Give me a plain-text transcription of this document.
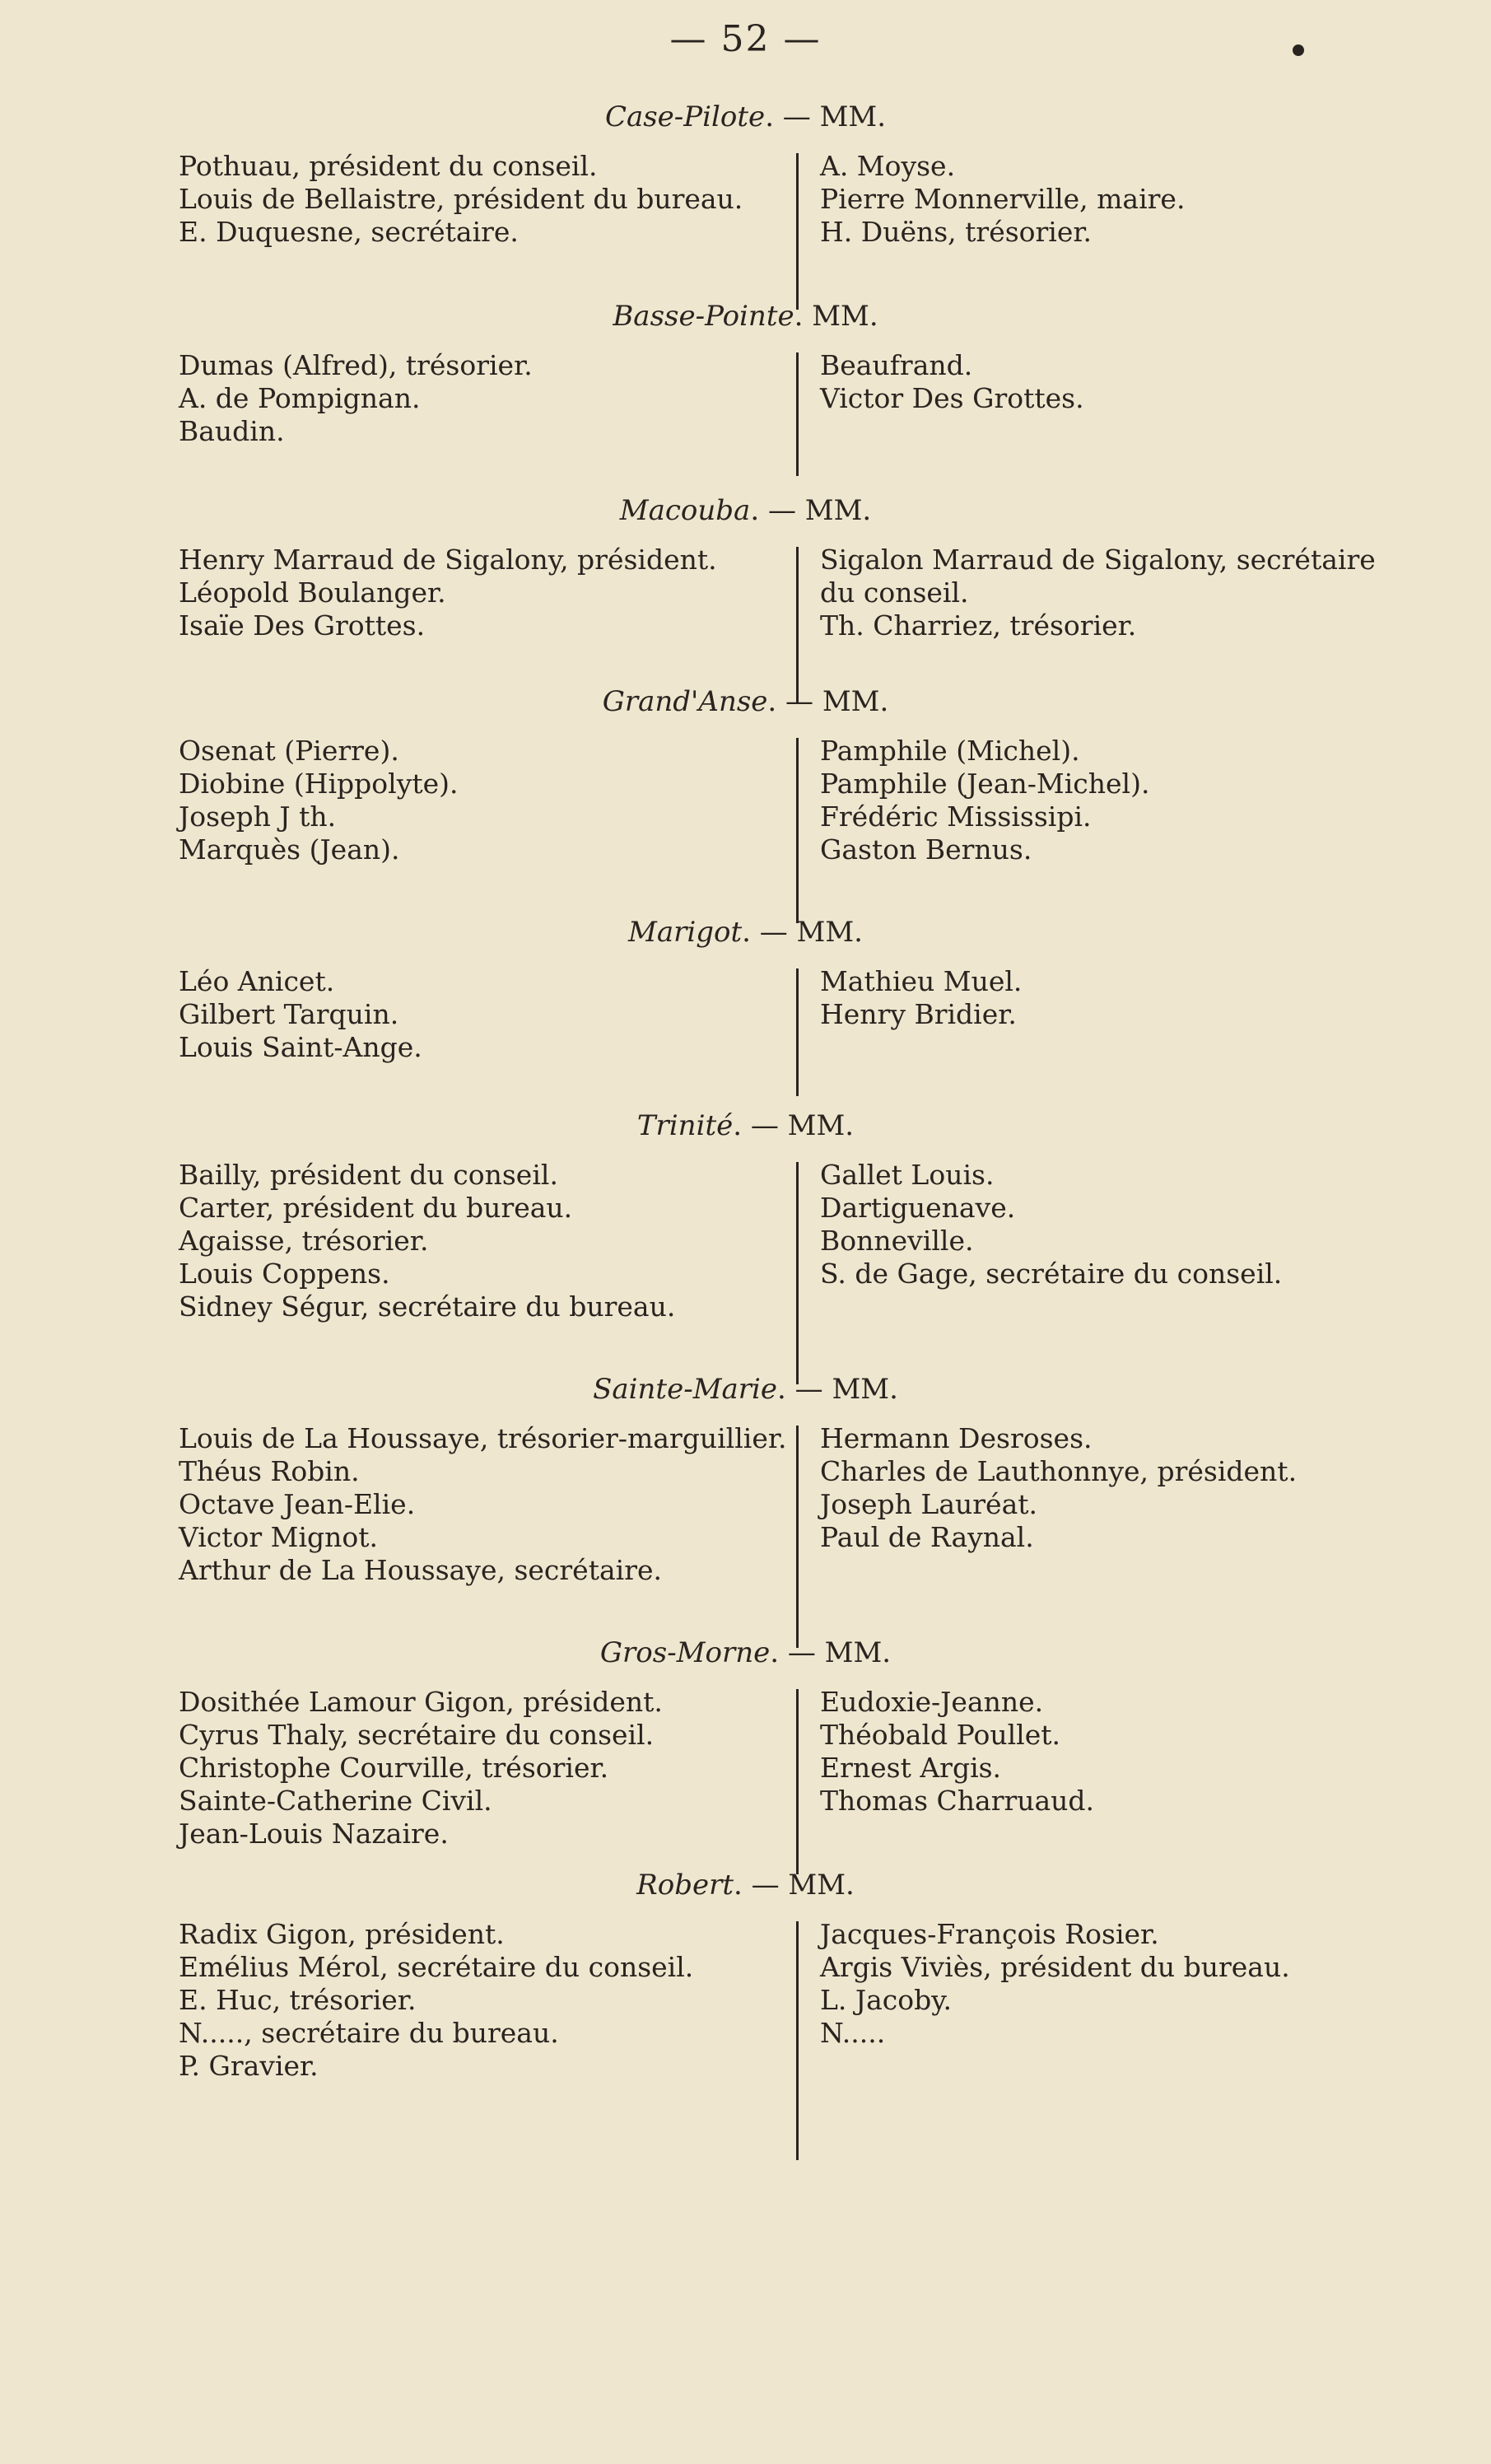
— 52 —
Case-Pilote. — MM.
Pothuau, président du conseil.
Louis de Bellaistre, président du bureau.
E. Duquesne, secrétaire.
A. Moyse.
Pierre Monnerville, maire.
H. Duëns, trésorier.
Basse-Pointe. MM.
Dumas (Alfred), trésorier.
A. de Pompignan.
Baudin.
Beaufrand.
Victor Des Grottes.
Macouba. — MM.
Henry Marraud de Sigalony, président.
Léopold Boulanger.
Isaïe Des Grottes.
Sigalon Marraud de Sigalony, secrétaire
du conseil.
Th. Charriez, trésorier.
Grand'Anse. — MM.
Osenat (Pierre).
Diobine (Hippolyte).
Joseph J th.
Marquès (Jean).
Pamphile (Michel).
Pamphile (Jean-Michel).
Frédéric Mississipi.
Gaston Bernus.
Marigot. — MM.
Léo Anicet.
Gilbert Tarquin.
Louis Saint-Ange.
Mathieu Muel.
Henry Bridier.
Trinité. — MM.
Bailly, président du conseil.
Carter, président du bureau.
Agaisse, trésorier.
Louis Coppens.
Sidney Ségur, secrétaire du bureau.
Gallet Louis.
Dartiguenave.
Bonneville.
S. de Gage, secrétaire du conseil.
Sainte-Marie. — MM.
Louis de La Houssaye, trésorier-marguillier.
Théus Robin.
Octave Jean-Elie.
Victor Mignot.
Arthur de La Houssaye, secrétaire.
Hermann Desroses.
Charles de Lauthonnye, président.
Joseph Lauréat.
Paul de Raynal.
Gros-Morne. — MM.
Dosithée Lamour Gigon, président.
Cyrus Thaly, secrétaire du conseil.
Christophe Courville, trésorier.
Sainte-Catherine Civil.
Jean-Louis Nazaire.
Eudoxie-Jeanne.
Théobald Poullet.
Ernest Argis.
Thomas Charruaud.
Robert. — MM.
Radix Gigon, président.
Emélius Mérol, secrétaire du conseil.
E. Huc, trésorier.
N....., secrétaire du bureau.
P. Gravier.
Jacques-François Rosier.
Argis Viviès, président du bureau.
L. Jacoby.
N.....
